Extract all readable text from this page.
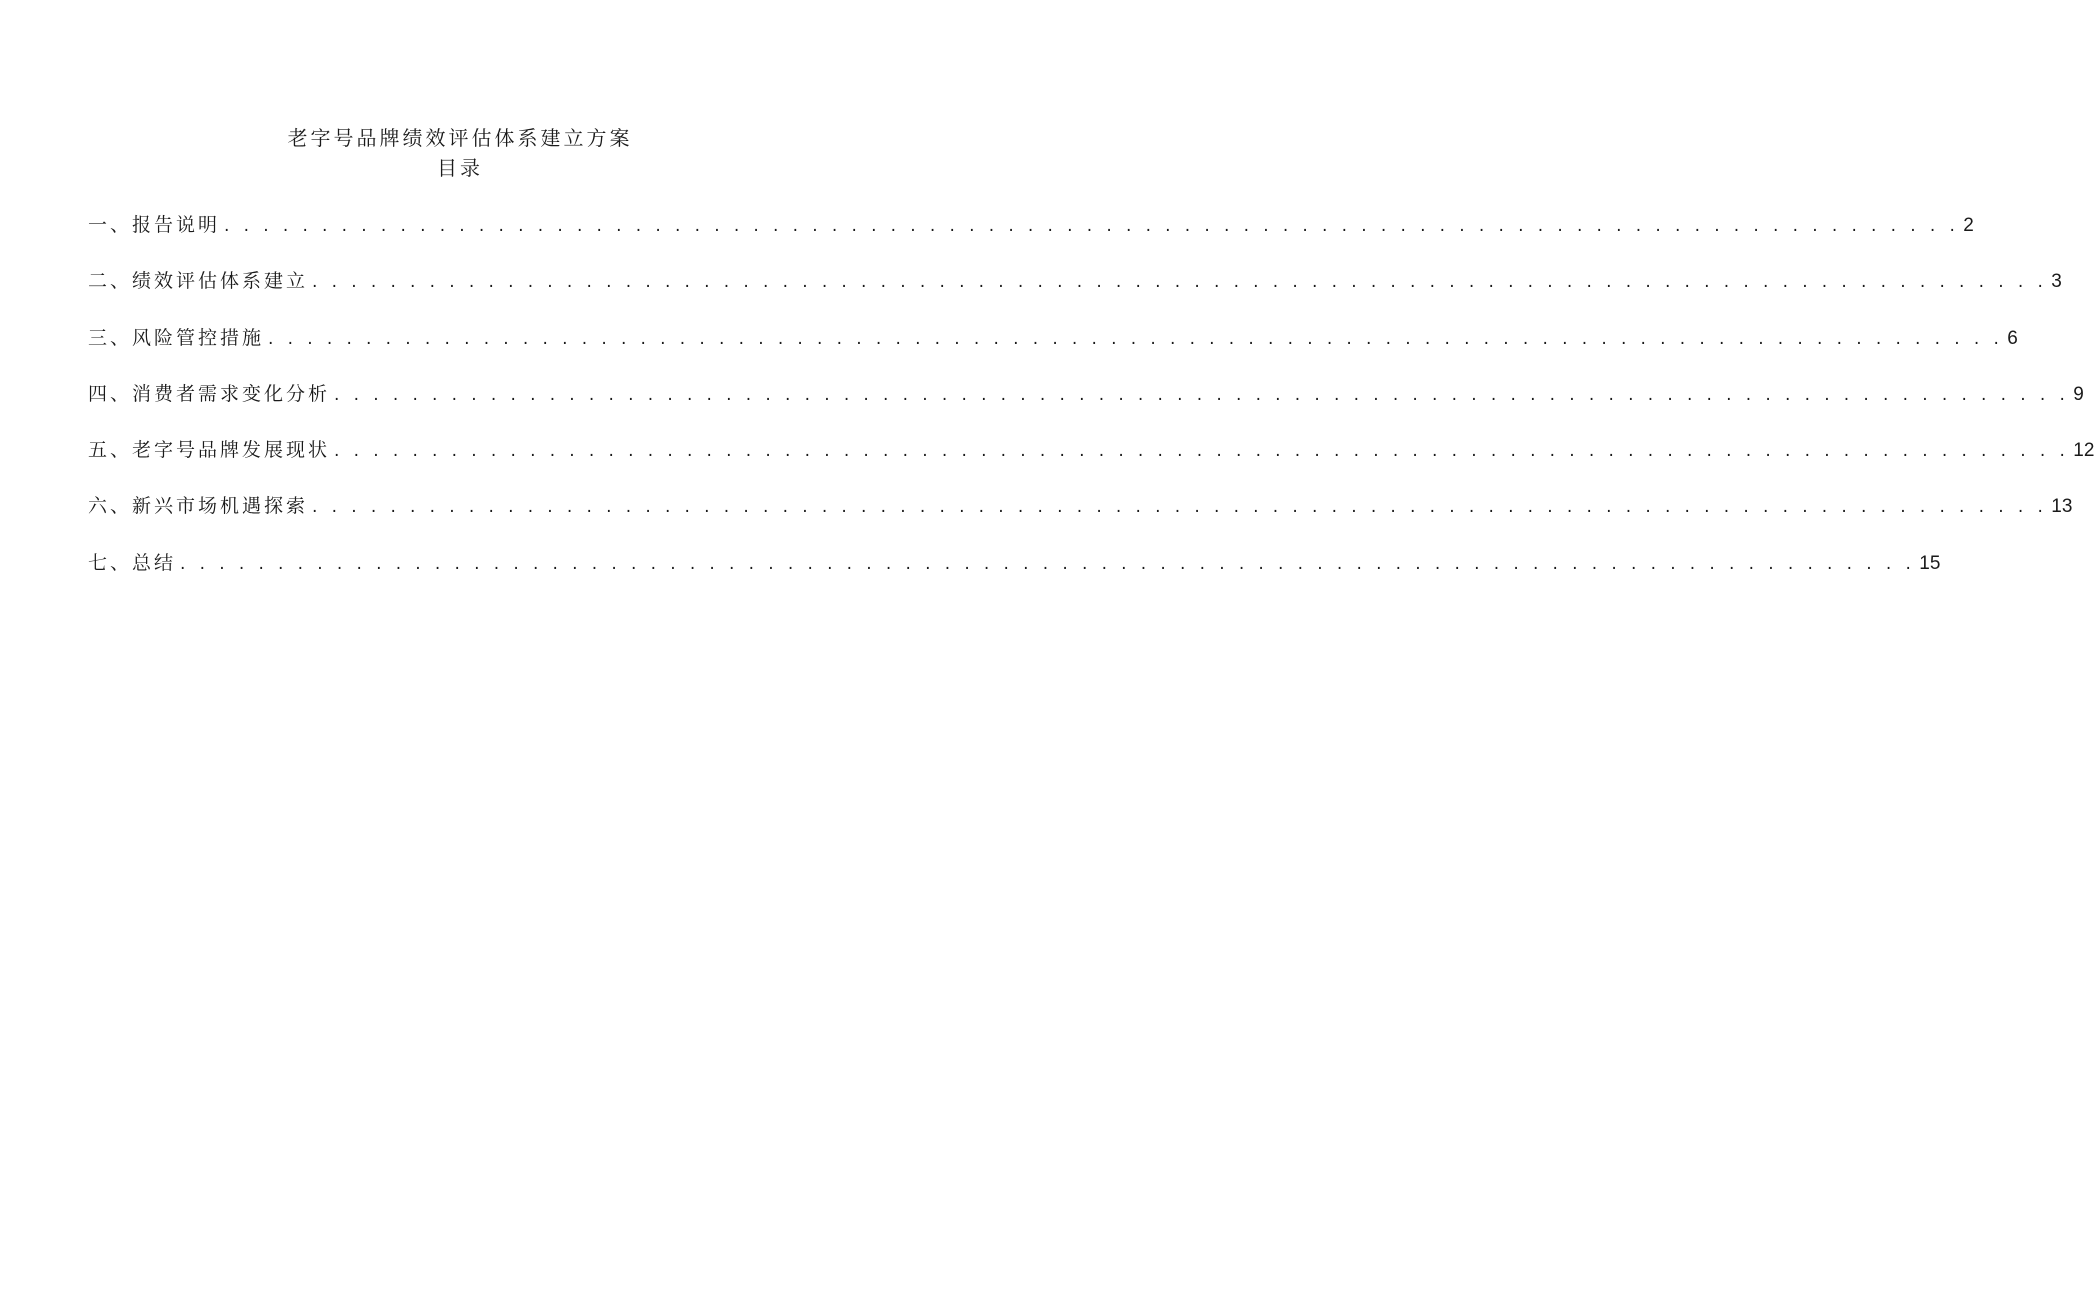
老字号品牌绩效评估体系建立方案
目录
一、报告说明 . . . . . . . . . . . . . . . . . . . . . . . . . . . . . . . . . . . . . . . . . . . . . . . . . . . . . . . . . . . . . . . . . . . . . . . . . . . . . . . . . . . . . . . . . 2
二、绩效评估体系建立 . . . . . . . . . . . . . . . . . . . . . . . . . . . . . . . . . . . . . . . . . . . . . . . . . . . . . . . . . . . . . . . . . . . . . . . . . . . . . . . . . . . . . . . . . 3
三、风险管控措施 . . . . . . . . . . . . . . . . . . . . . . . . . . . . . . . . . . . . . . . . . . . . . . . . . . . . . . . . . . . . . . . . . . . . . . . . . . . . . . . . . . . . . . . . . 6
四、消费者需求变化分析 . . . . . . . . . . . . . . . . . . . . . . . . . . . . . . . . . . . . . . . . . . . . . . . . . . . . . . . . . . . . . . . . . . . . . . . . . . . . . . . . . . . . . . . . . 9
五、老字号品牌发展现状 . . . . . . . . . . . . . . . . . . . . . . . . . . . . . . . . . . . . . . . . . . . . . . . . . . . . . . . . . . . . . . . . . . . . . . . . . . . . . . . . . . . . . . . . . 12
六、新兴市场机遇探索 . . . . . . . . . . . . . . . . . . . . . . . . . . . . . . . . . . . . . . . . . . . . . . . . . . . . . . . . . . . . . . . . . . . . . . . . . . . . . . . . . . . . . . . . . 13
七、总结 . . . . . . . . . . . . . . . . . . . . . . . . . . . . . . . . . . . . . . . . . . . . . . . . . . . . . . . . . . . . . . . . . . . . . . . . . . . . . . . . . . . . . . . . . 15
